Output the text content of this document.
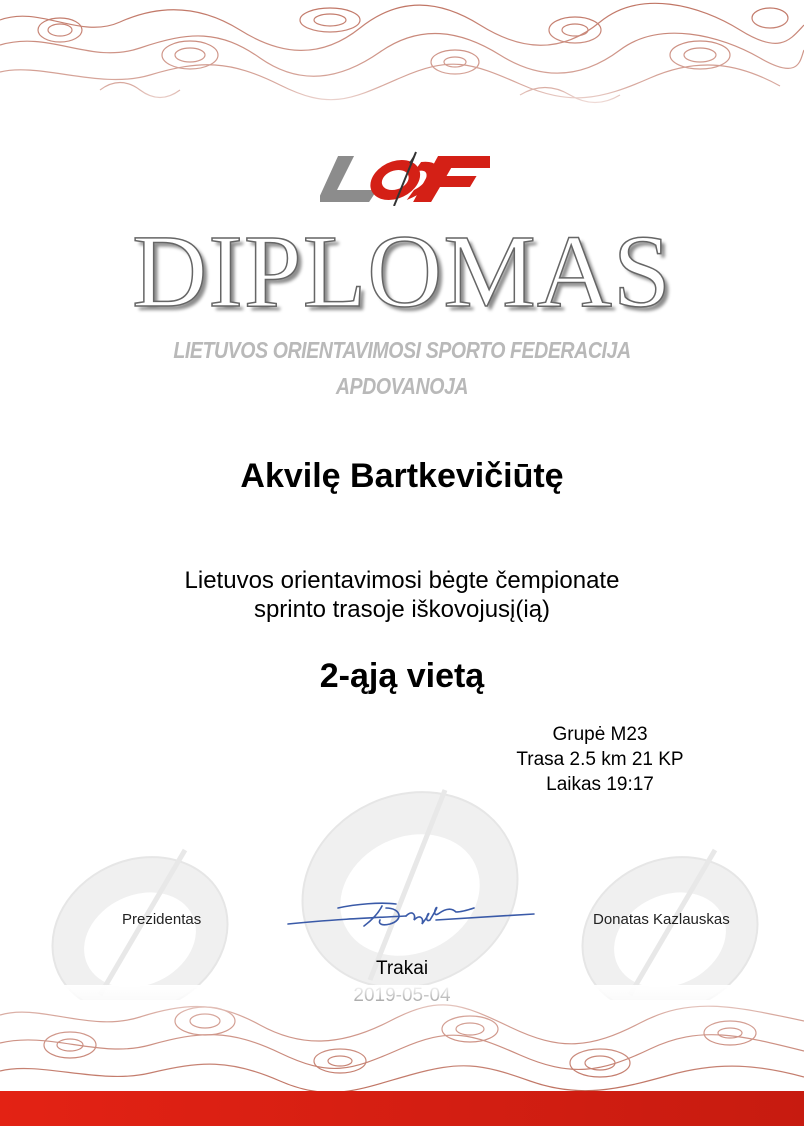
DIPLOMAS
LIETUVOS ORIENTAVIMOSI SPORTO FEDERACIJA
APDOVANOJA
Akvilę Bartkevičiūtę
Lietuvos orientavimosi bėgte čempionate
sprinto trasoje iškovojusį(ią)
2-ąją vietą
Grupė M23
Trasa 2.5 km 21 KP
Laikas 19:17
Prezidentas	Donatas Kazlauskas
Trakai
